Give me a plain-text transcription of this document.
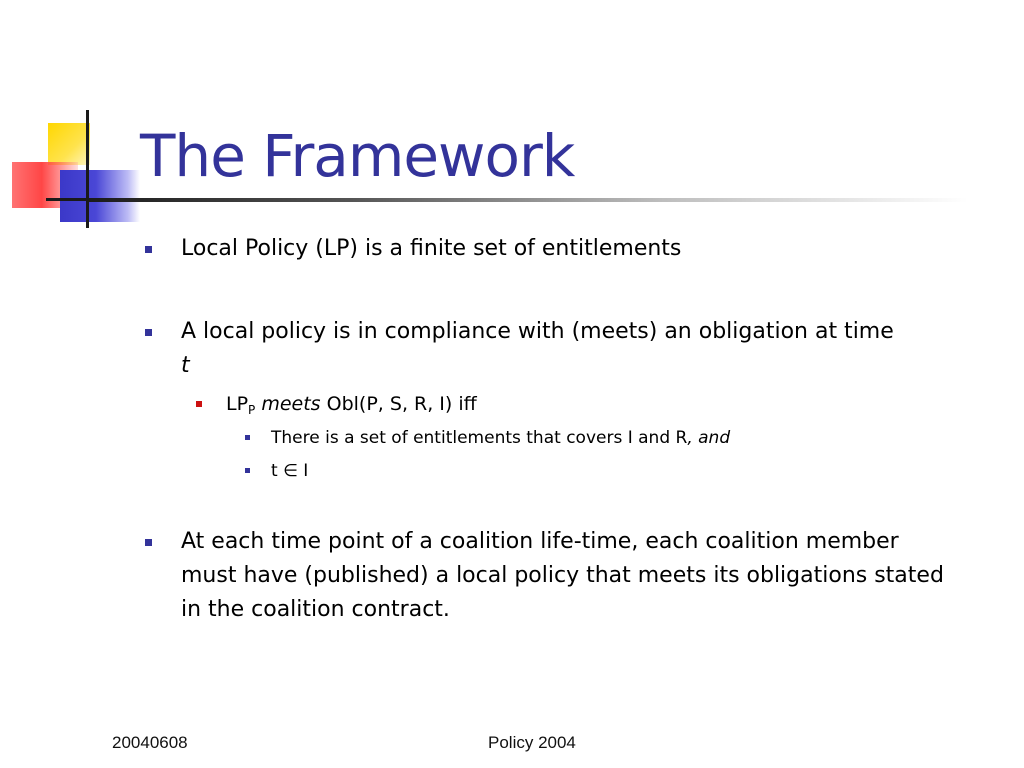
The Framework
Local Policy (LP) is a finite set of entitlements
A local policy is in compliance with (meets) an obligation at time
t
$LP_P$ meets Obl(P, S, R, I) iff
There is a set of entitlements that covers I and R, and
t ∈ I
At each time point of a coalition life-time, each coalition member must have (published) a local policy that meets its obligations stated in the coalition contract.
20040608	Policy 2004
